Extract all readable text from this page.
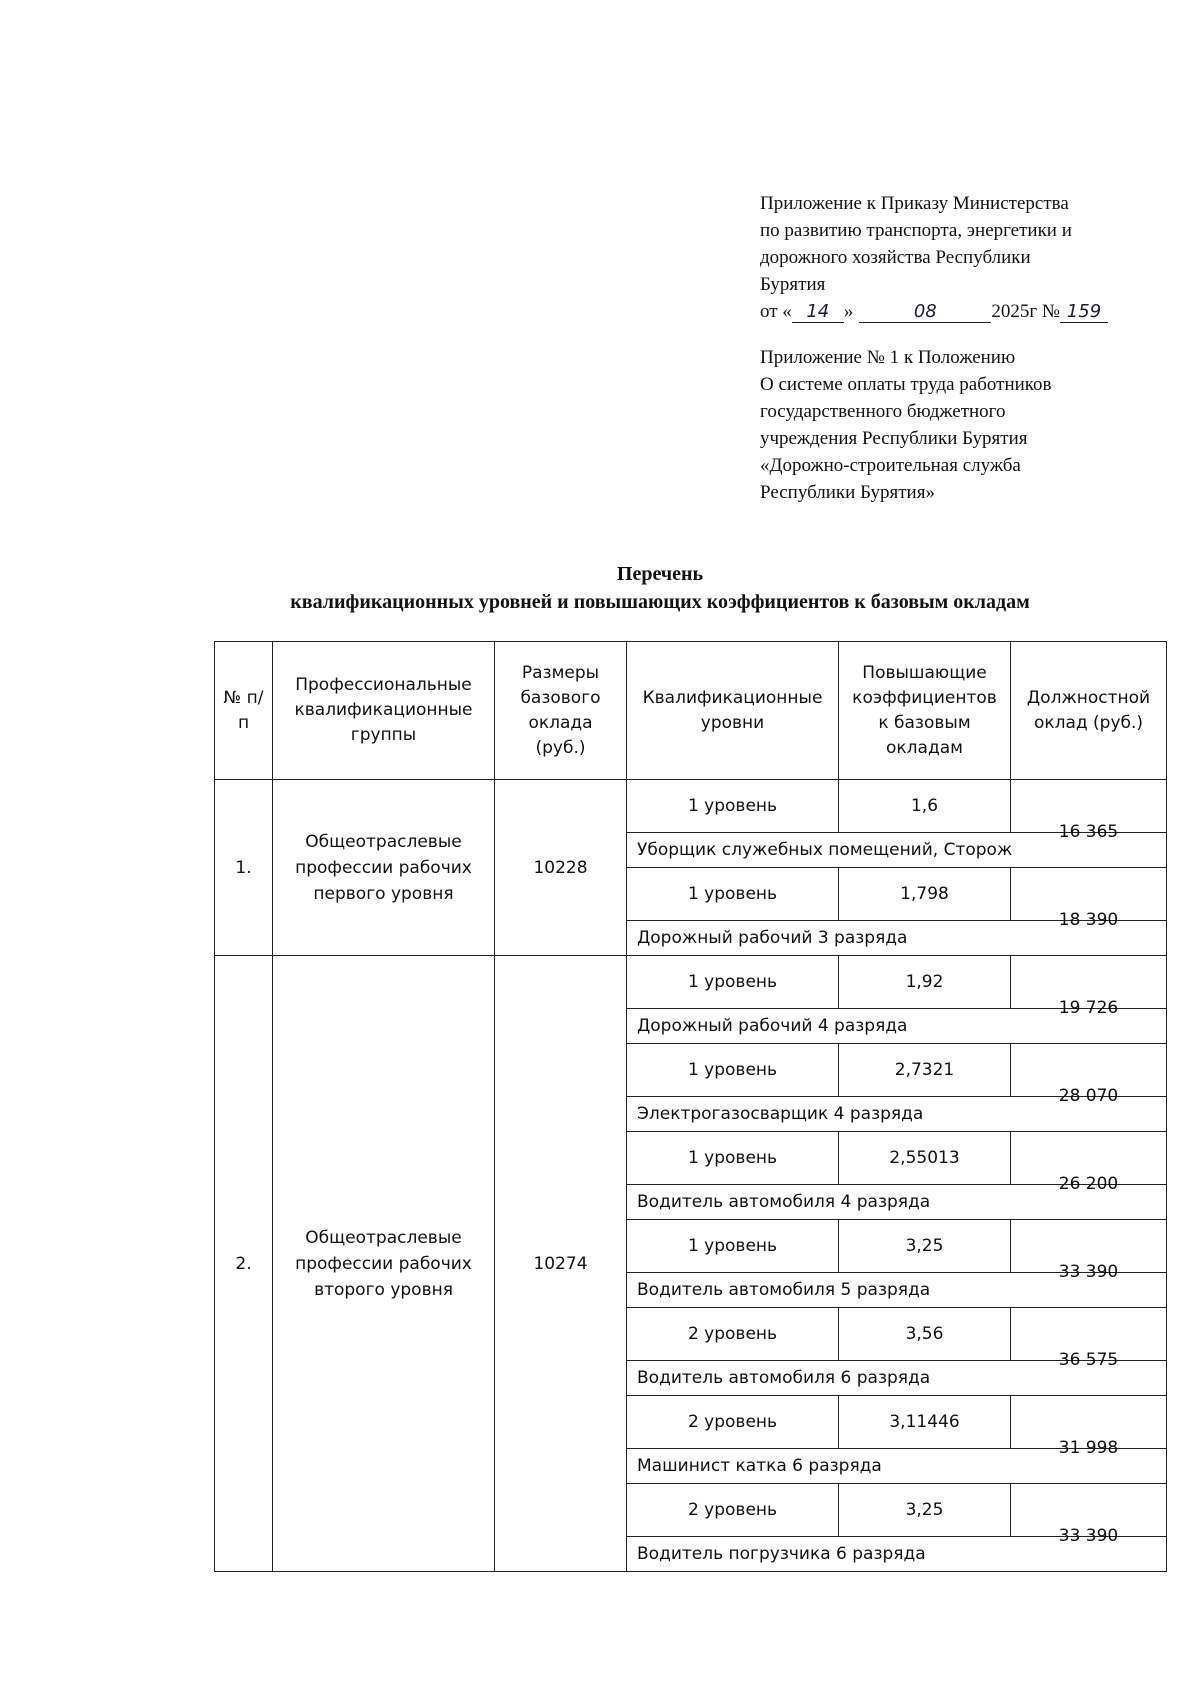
Приложение к Приказу Министерства

по развитию транспорта, энергетики и

дорожного хозяйства Республики

Бурятия

от « 14 »	08	2025г № 159

Приложение № 1 к Положению

О системе оплаты труда работников

государственного бюджетного

учреждения Республики Бурятия

«Дорожно-строительная служба

Республики Бурятия»

Перечень

квалификационных уровней и повышающих коэффициентов к базовым окладам

№ п/п	Профессиональные квалификационные группы	Размеры базового оклада (руб.)	Квалификационные уровни	Повышающие коэффициентов к базовым окладам	Должностной оклад (руб.)
1.	Общеотраслевые профессии рабочих первого уровня	10228	1 уровень	1,6	16 365
			Уборщик служебных помещений, Сторож		
			1 уровень	1,798	18 390
			Дорожный рабочий 3 разряда		
2.	Общеотраслевые профессии рабочих второго уровня	10274	1 уровень	1,92	19 726
			Дорожный рабочий 4 разряда		
			1 уровень	2,7321	28 070
			Электрогазосварщик 4 разряда		
			1 уровень	2,55013	26 200
			Водитель автомобиля 4 разряда		
			1 уровень	3,25	33 390
			Водитель автомобиля 5 разряда		
			2 уровень	3,56	36 575
			Водитель автомобиля 6 разряда		
			2 уровень	3,11446	31 998
			Машинист катка 6 разряда		
			2 уровень	3,25	33 390
			Водитель погрузчика 6 разряда		
